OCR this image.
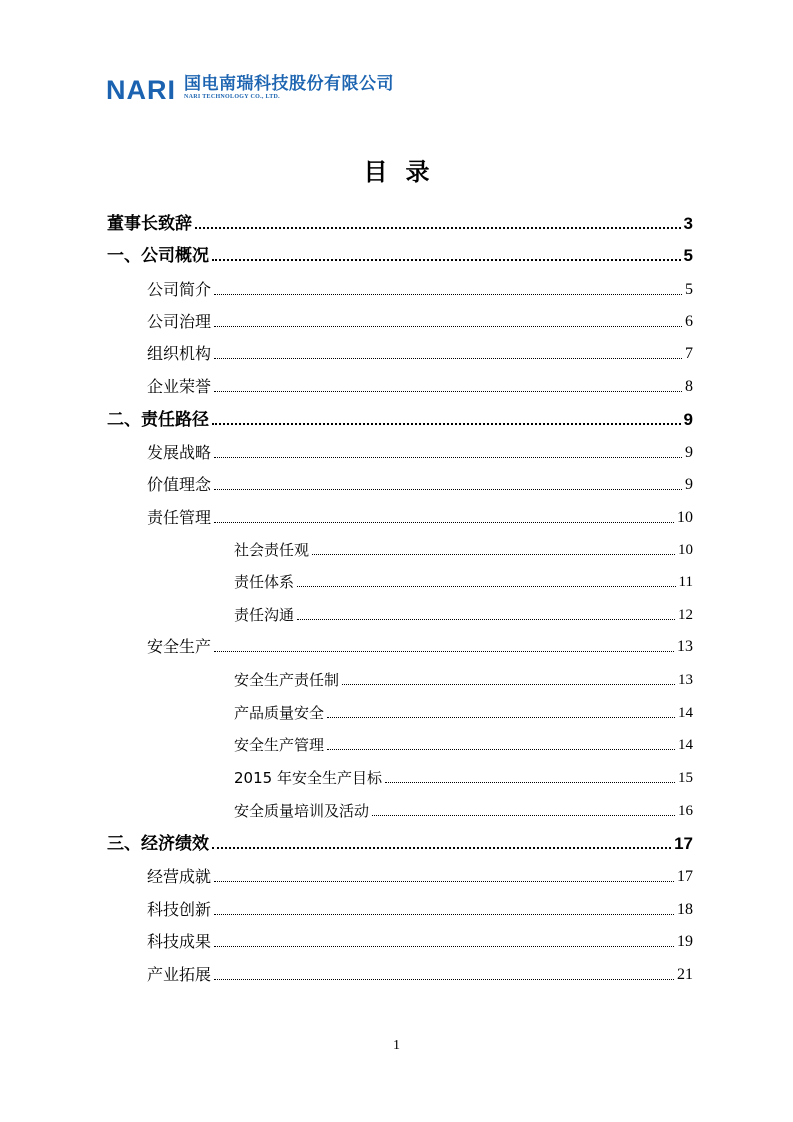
NARI 国电南瑞科技股份有限公司
NARI TECHNOLOGY CO., LTD.
目录
董事长致辞	3
一、公司概况	5
公司简介	5
公司治理	6
组织机构	7
企业荣誉	8
二、责任路径	9
发展战略	9
价值理念	9
责任管理	10
社会责任观	10
责任体系	11
责任沟通	12
安全生产	13
安全生产责任制	13
产品质量安全	14
安全生产管理	14
2015 年安全生产目标	15
安全质量培训及活动	16
三、经济绩效	17
经营成就	17
科技创新	18
科技成果	19
产业拓展	21
1
